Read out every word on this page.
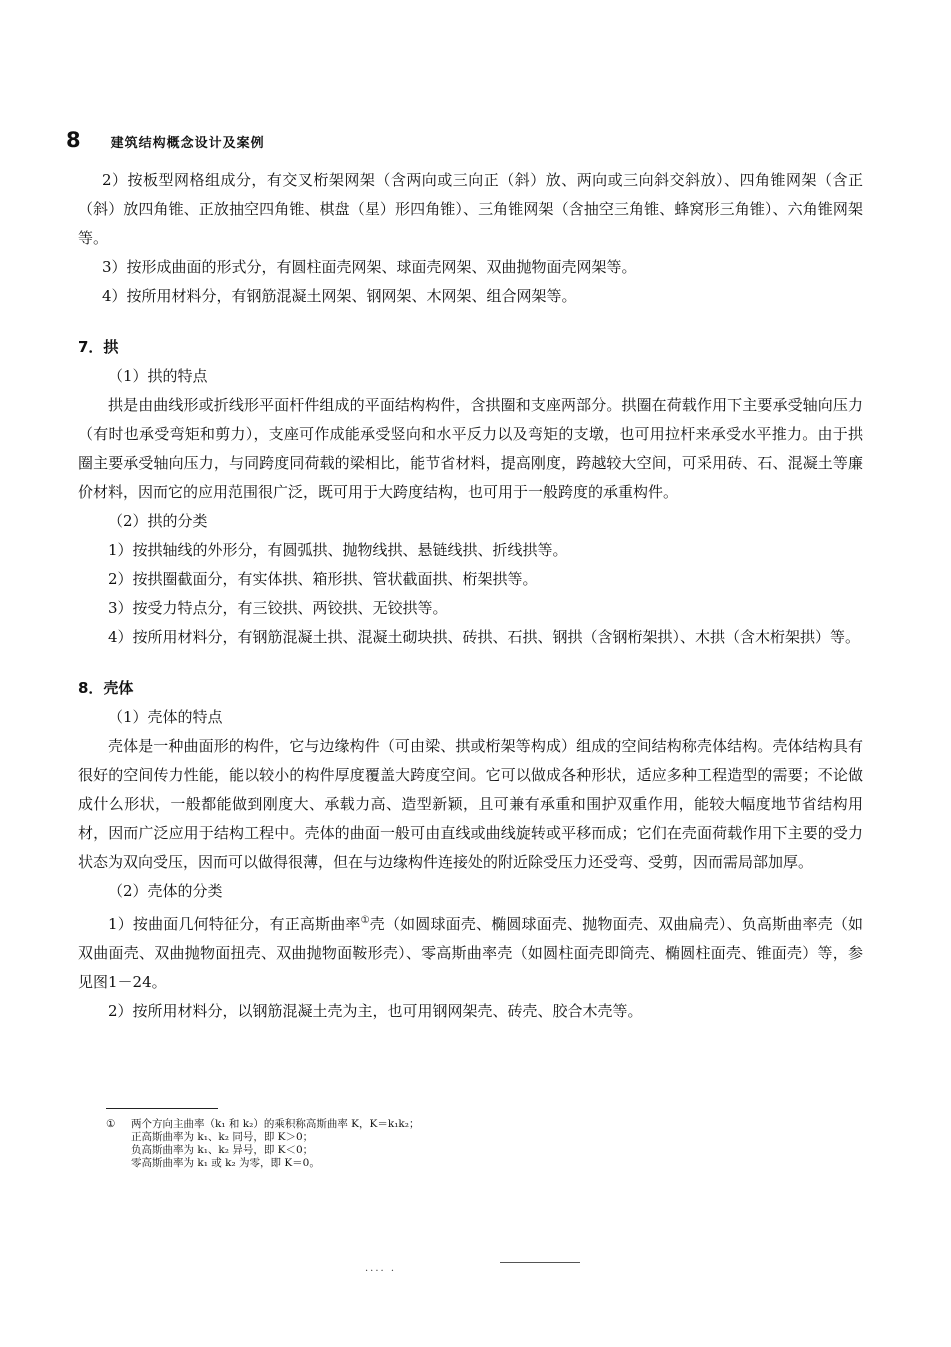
8 建筑结构概念设计及案例

2）按板型网格组成分，有交叉桁架网架（含两向或三向正（斜）放、两向或三向斜交斜放）、四角锥网架（含正（斜）放四角锥、正放抽空四角锥、棋盘（星）形四角锥）、三角锥网架（含抽空三角锥、蜂窝形三角锥）、六角锥网架等。

3）按形成曲面的形式分，有圆柱面壳网架、球面壳网架、双曲抛物面壳网架等。

4）按所用材料分，有钢筋混凝土网架、钢网架、木网架、组合网架等。

7．拱

（1）拱的特点

拱是由曲线形或折线形平面杆件组成的平面结构构件，含拱圈和支座两部分。拱圈在荷载作用下主要承受轴向压力（有时也承受弯矩和剪力），支座可作成能承受竖向和水平反力以及弯矩的支墩，也可用拉杆来承受水平推力。由于拱圈主要承受轴向压力，与同跨度同荷载的梁相比，能节省材料，提高刚度，跨越较大空间，可采用砖、石、混凝土等廉价材料，因而它的应用范围很广泛，既可用于大跨度结构，也可用于一般跨度的承重构件。

（2）拱的分类

1）按拱轴线的外形分，有圆弧拱、抛物线拱、悬链线拱、折线拱等。

2）按拱圈截面分，有实体拱、箱形拱、管状截面拱、桁架拱等。

3）按受力特点分，有三铰拱、两铰拱、无铰拱等。

4）按所用材料分，有钢筋混凝土拱、混凝土砌块拱、砖拱、石拱、钢拱（含钢桁架拱）、木拱（含木桁架拱）等。

8．壳体

（1）壳体的特点

壳体是一种曲面形的构件，它与边缘构件（可由梁、拱或桁架等构成）组成的空间结构称壳体结构。壳体结构具有很好的空间传力性能，能以较小的构件厚度覆盖大跨度空间。它可以做成各种形状，适应多种工程造型的需要；不论做成什么形状，一般都能做到刚度大、承载力高、造型新颖，且可兼有承重和围护双重作用，能较大幅度地节省结构用材，因而广泛应用于结构工程中。壳体的曲面一般可由直线或曲线旋转或平移而成；它们在壳面荷载作用下主要的受力状态为双向受压，因而可以做得很薄，但在与边缘构件连接处的附近除受压力还受弯、受剪，因而需局部加厚。

（2）壳体的分类

1）按曲面几何特征分，有正高斯曲率①壳（如圆球面壳、椭圆球面壳、抛物面壳、双曲扁壳）、负高斯曲率壳（如双曲面壳、双曲抛物面扭壳、双曲抛物面鞍形壳）、零高斯曲率壳（如圆柱面壳即筒壳、椭圆柱面壳、锥面壳）等，参见图1－24。

2）按所用材料分，以钢筋混凝土壳为主，也可用钢网架壳、砖壳、胶合木壳等。

① 两个方向主曲率（k₁ 和 k₂）的乘积称高斯曲率 K，K＝k₁k₂；
正高斯曲率为 k₁、k₂ 同号，即 K＞0；
负高斯曲率为 k₁、k₂ 异号，即 K＜0；
零高斯曲率为 k₁ 或 k₂ 为零，即 K＝0。
···· ·
